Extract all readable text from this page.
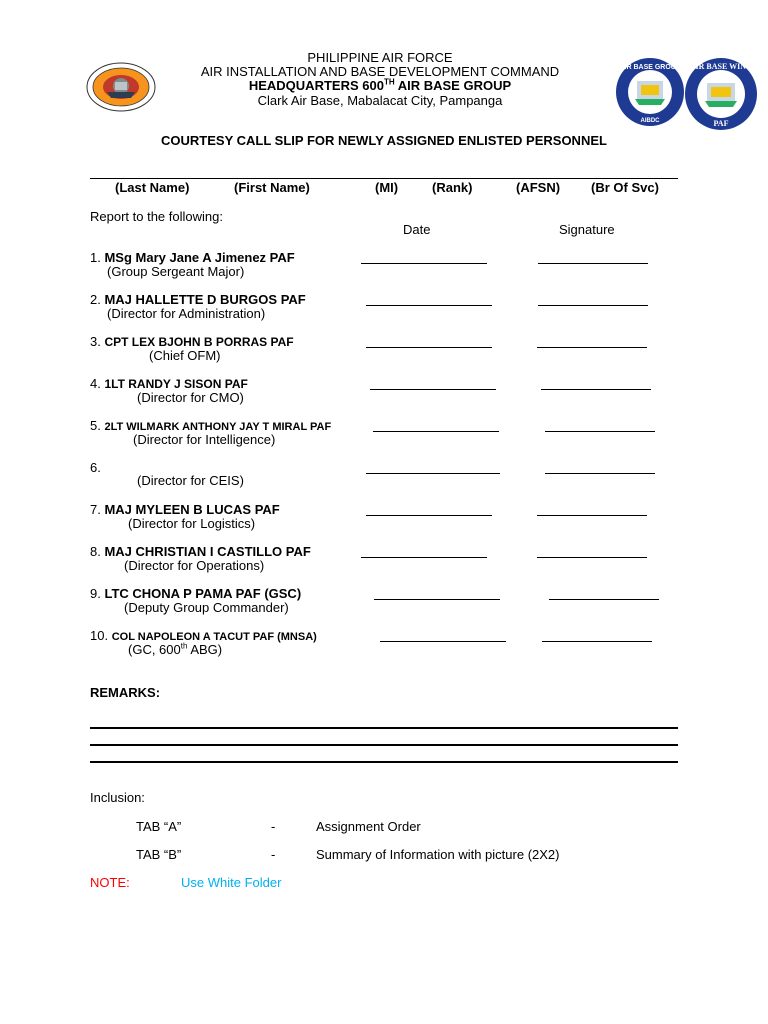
AIR BASE GROUP
AIBDC
AIR BASE WING
PAF
PHILIPPINE AIR FORCE
AIR INSTALLATION AND BASE DEVELOPMENT COMMAND
HEADQUARTERS 600TH AIR BASE GROUP
Clark Air Base, Mabalacat City, Pampanga
COURTESY CALL SLIP FOR NEWLY ASSIGNED ENLISTED PERSONNEL
(Last Name)	(First Name)	(MI)	(Rank)	(AFSN) (Br Of Svc)
Report to the following:
Date	Signature
1. MSg Mary Jane A Jimenez PAF
(Group Sergeant Major)
2. MAJ HALLETTE D BURGOS PAF
(Director for Administration)
3. CPT LEX BJOHN B PORRAS PAF
(Chief OFM)
4. 1LT RANDY J SISON PAF
(Director for CMO)
5. 2LT WILMARK ANTHONY JAY T MIRAL PAF
(Director for Intelligence)
6.
(Director for CEIS)
7. MAJ MYLEEN B LUCAS PAF
(Director for Logistics)
8. MAJ CHRISTIAN I CASTILLO PAF
(Director for Operations)
9. LTC CHONA P PAMA PAF (GSC)
(Deputy Group Commander)
10. COL NAPOLEON A TACUT PAF (MNSA)
(GC, 600th ABG)
REMARKS:
Inclusion:
TAB “A”	-	Assignment Order
TAB “B”	-	Summary of Information with picture (2X2)
NOTE:	Use White Folder
